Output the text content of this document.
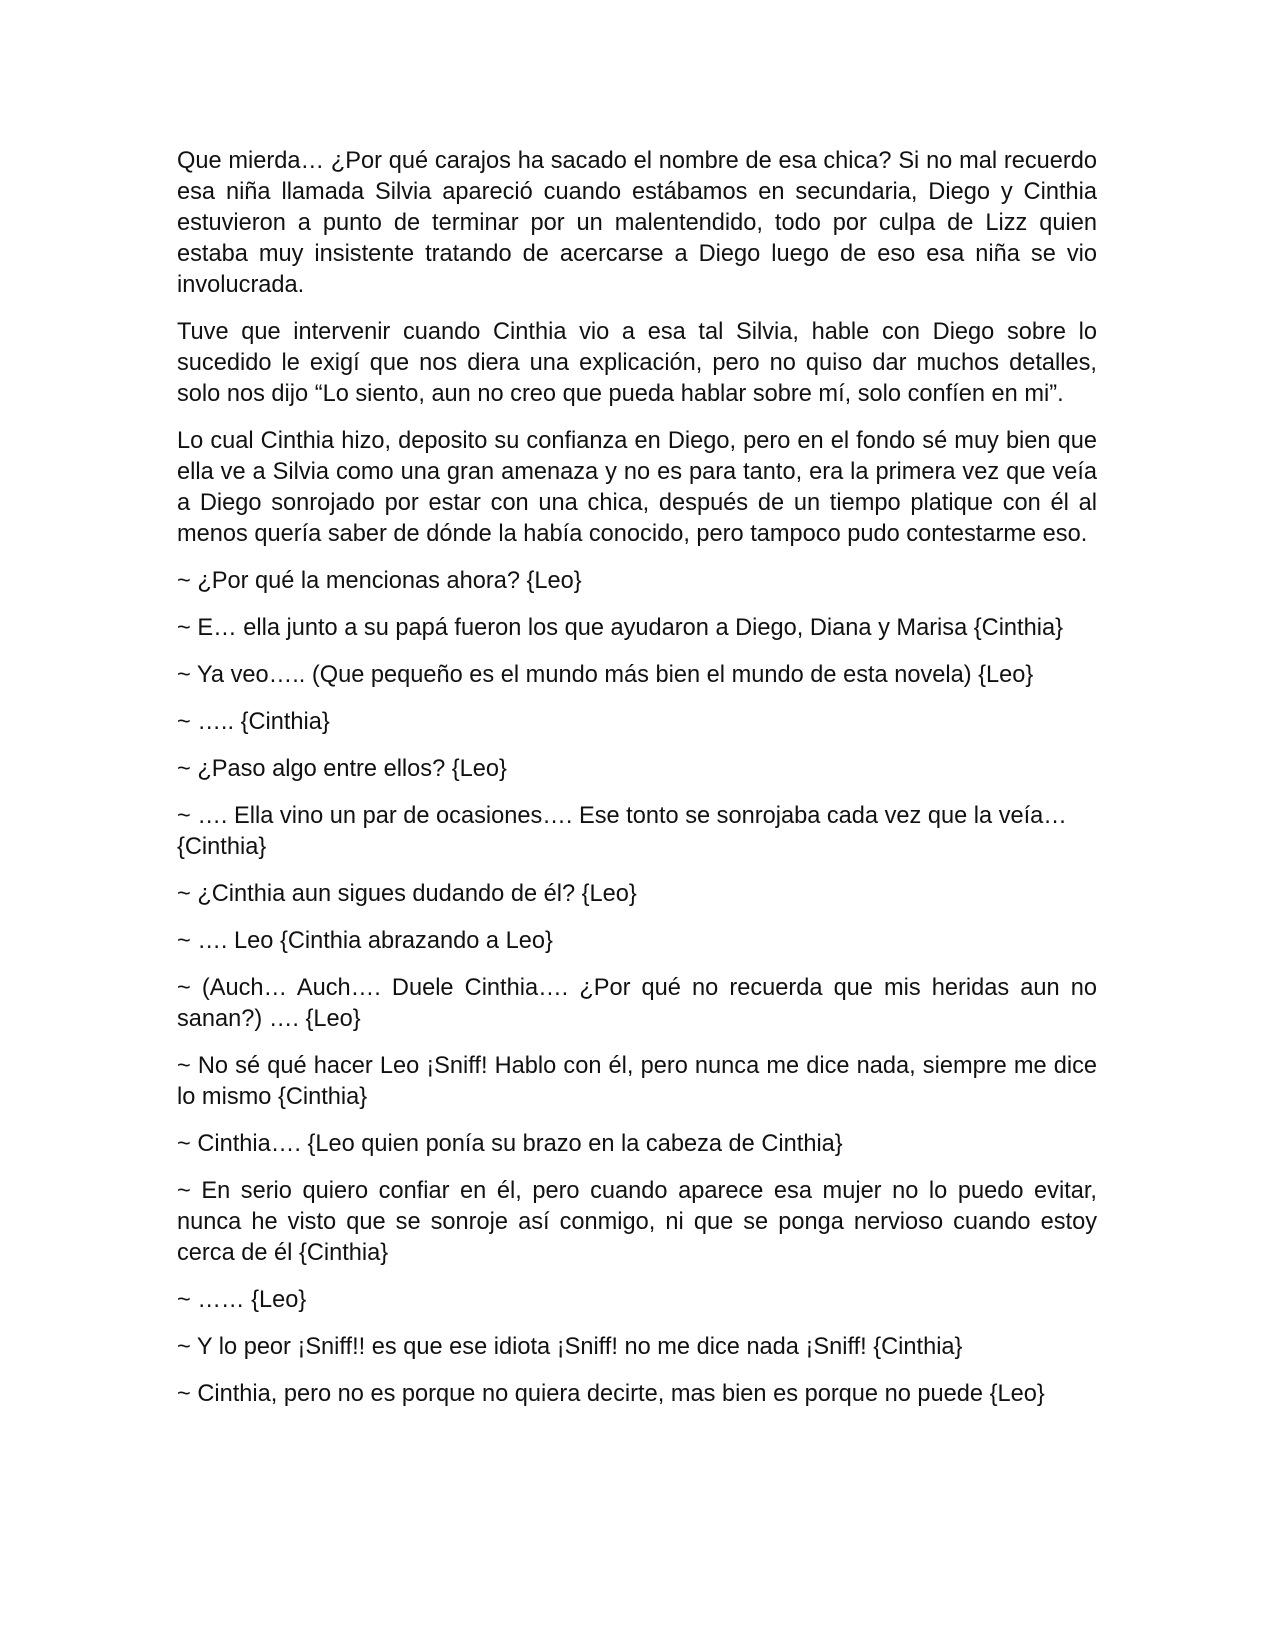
Que mierda… ¿Por qué carajos ha sacado el nombre de esa chica? Si no mal recuerdo esa niña llamada Silvia apareció cuando estábamos en secundaria, Diego y Cinthia estuvieron a punto de terminar por un malentendido, todo por culpa de Lizz quien estaba muy insistente tratando de acercarse a Diego luego de eso esa niña se vio involucrada.

Tuve que intervenir cuando Cinthia vio a esa tal Silvia, hable con Diego sobre lo sucedido le exigí que nos diera una explicación, pero no quiso dar muchos detalles, solo nos dijo “Lo siento, aun no creo que pueda hablar sobre mí, solo confíen en mi”.

Lo cual Cinthia hizo, deposito su confianza en Diego, pero en el fondo sé muy bien que ella ve a Silvia como una gran amenaza y no es para tanto, era la primera vez que veía a Diego sonrojado por estar con una chica, después de un tiempo platique con él al menos quería saber de dónde la había conocido, pero tampoco pudo contestarme eso.

~ ¿Por qué la mencionas ahora? {Leo}

~ E… ella junto a su papá fueron los que ayudaron a Diego, Diana y Marisa {Cinthia}

~ Ya veo….. (Que pequeño es el mundo más bien el mundo de esta novela) {Leo}

~ ….. {Cinthia}

~ ¿Paso algo entre ellos? {Leo}

~ …. Ella vino un par de ocasiones…. Ese tonto se sonrojaba cada vez que la veía… {Cinthia}

~ ¿Cinthia aun sigues dudando de él? {Leo}

~ …. Leo {Cinthia abrazando a Leo}

~ (Auch… Auch…. Duele Cinthia…. ¿Por qué no recuerda que mis heridas aun no sanan?) …. {Leo}

~ No sé qué hacer Leo ¡Sniff! Hablo con él, pero nunca me dice nada, siempre me dice lo mismo {Cinthia}

~ Cinthia…. {Leo quien ponía su brazo en la cabeza de Cinthia}

~ En serio quiero confiar en él, pero cuando aparece esa mujer no lo puedo evitar, nunca he visto que se sonroje así conmigo, ni que se ponga nervioso cuando estoy cerca de él {Cinthia}

~ …… {Leo}

~ Y lo peor ¡Sniff!! es que ese idiota ¡Sniff! no me dice nada ¡Sniff! {Cinthia}

~ Cinthia, pero no es porque no quiera decirte, mas bien es porque no puede {Leo}
